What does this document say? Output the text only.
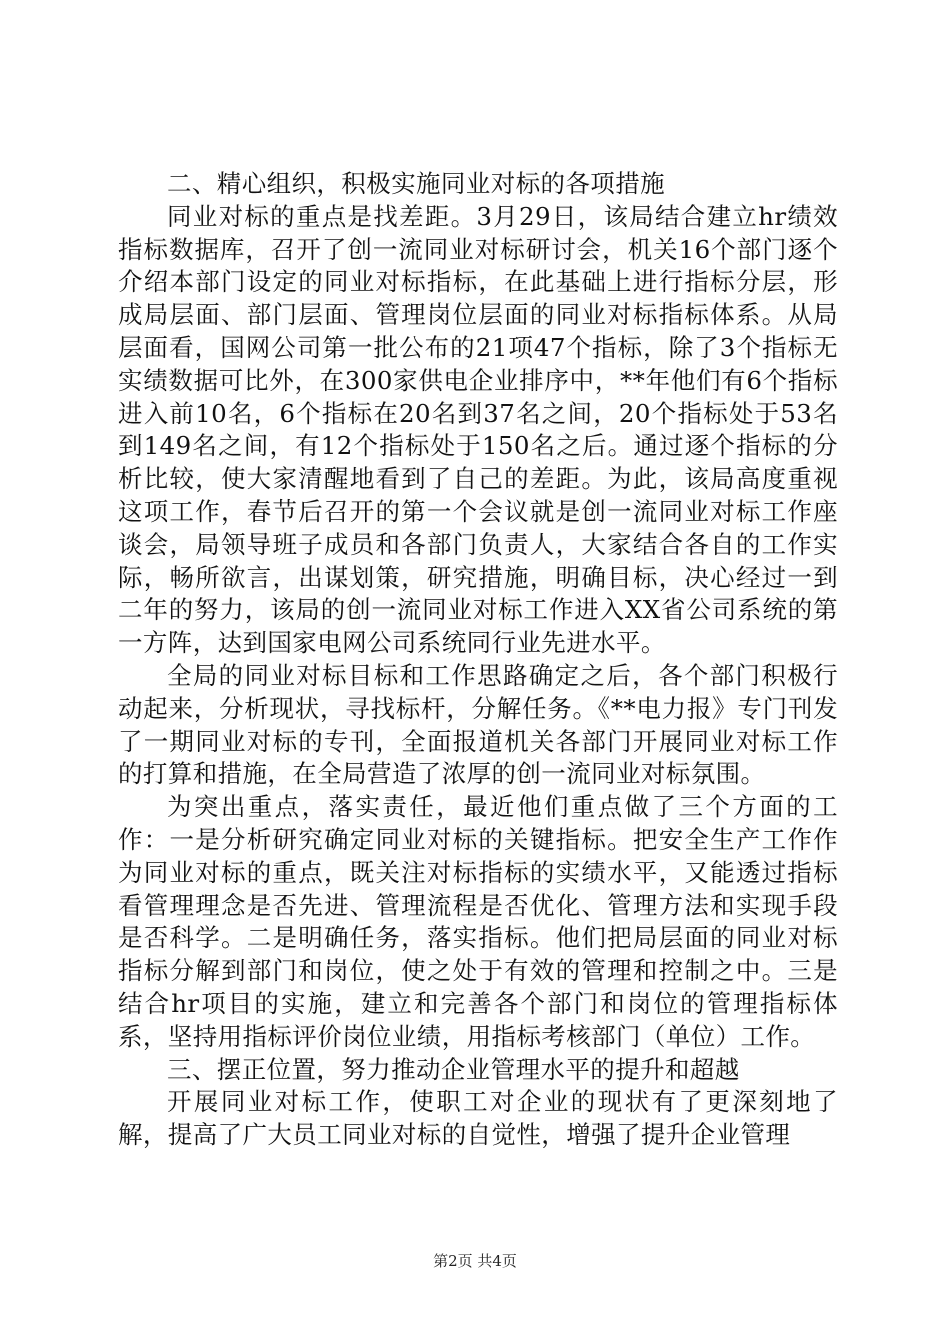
二、精心组织，积极实施同业对标的各项措施

同业对标的重点是找差距。3月29日，该局结合建立hr绩效指标数据库，召开了创一流同业对标研讨会，机关16个部门逐个介绍本部门设定的同业对标指标，在此基础上进行指标分层，形成局层面、部门层面、管理岗位层面的同业对标指标体系。从局层面看，国网公司第一批公布的21项47个指标，除了3个指标无实绩数据可比外，在300家供电企业排序中，**年他们有6个指标进入前10名，6个指标在20名到37名之间，20个指标处于53名到149名之间，有12个指标处于150名之后。通过逐个指标的分析比较，使大家清醒地看到了自己的差距。为此，该局高度重视这项工作，春节后召开的第一个会议就是创一流同业对标工作座谈会，局领导班子成员和各部门负责人，大家结合各自的工作实际，畅所欲言，出谋划策，研究措施，明确目标，决心经过一到二年的努力，该局的创一流同业对标工作进入XX省公司系统的第一方阵，达到国家电网公司系统同行业先进水平。

全局的同业对标目标和工作思路确定之后，各个部门积极行动起来，分析现状，寻找标杆，分解任务。《**电力报》专门刊发了一期同业对标的专刊，全面报道机关各部门开展同业对标工作的打算和措施，在全局营造了浓厚的创一流同业对标氛围。

为突出重点，落实责任，最近他们重点做了三个方面的工作：一是分析研究确定同业对标的关键指标。把安全生产工作作为同业对标的重点，既关注对标指标的实绩水平，又能透过指标看管理理念是否先进、管理流程是否优化、管理方法和实现手段是否科学。二是明确任务，落实指标。他们把局层面的同业对标指标分解到部门和岗位，使之处于有效的管理和控制之中。三是结合hr项目的实施，建立和完善各个部门和岗位的管理指标体系，坚持用指标评价岗位业绩，用指标考核部门（单位）工作。

三、摆正位置，努力推动企业管理水平的提升和超越

开展同业对标工作，使职工对企业的现状有了更深刻地了解，提高了广大员工同业对标的自觉性，增强了提升企业管理

第2页 共4页
